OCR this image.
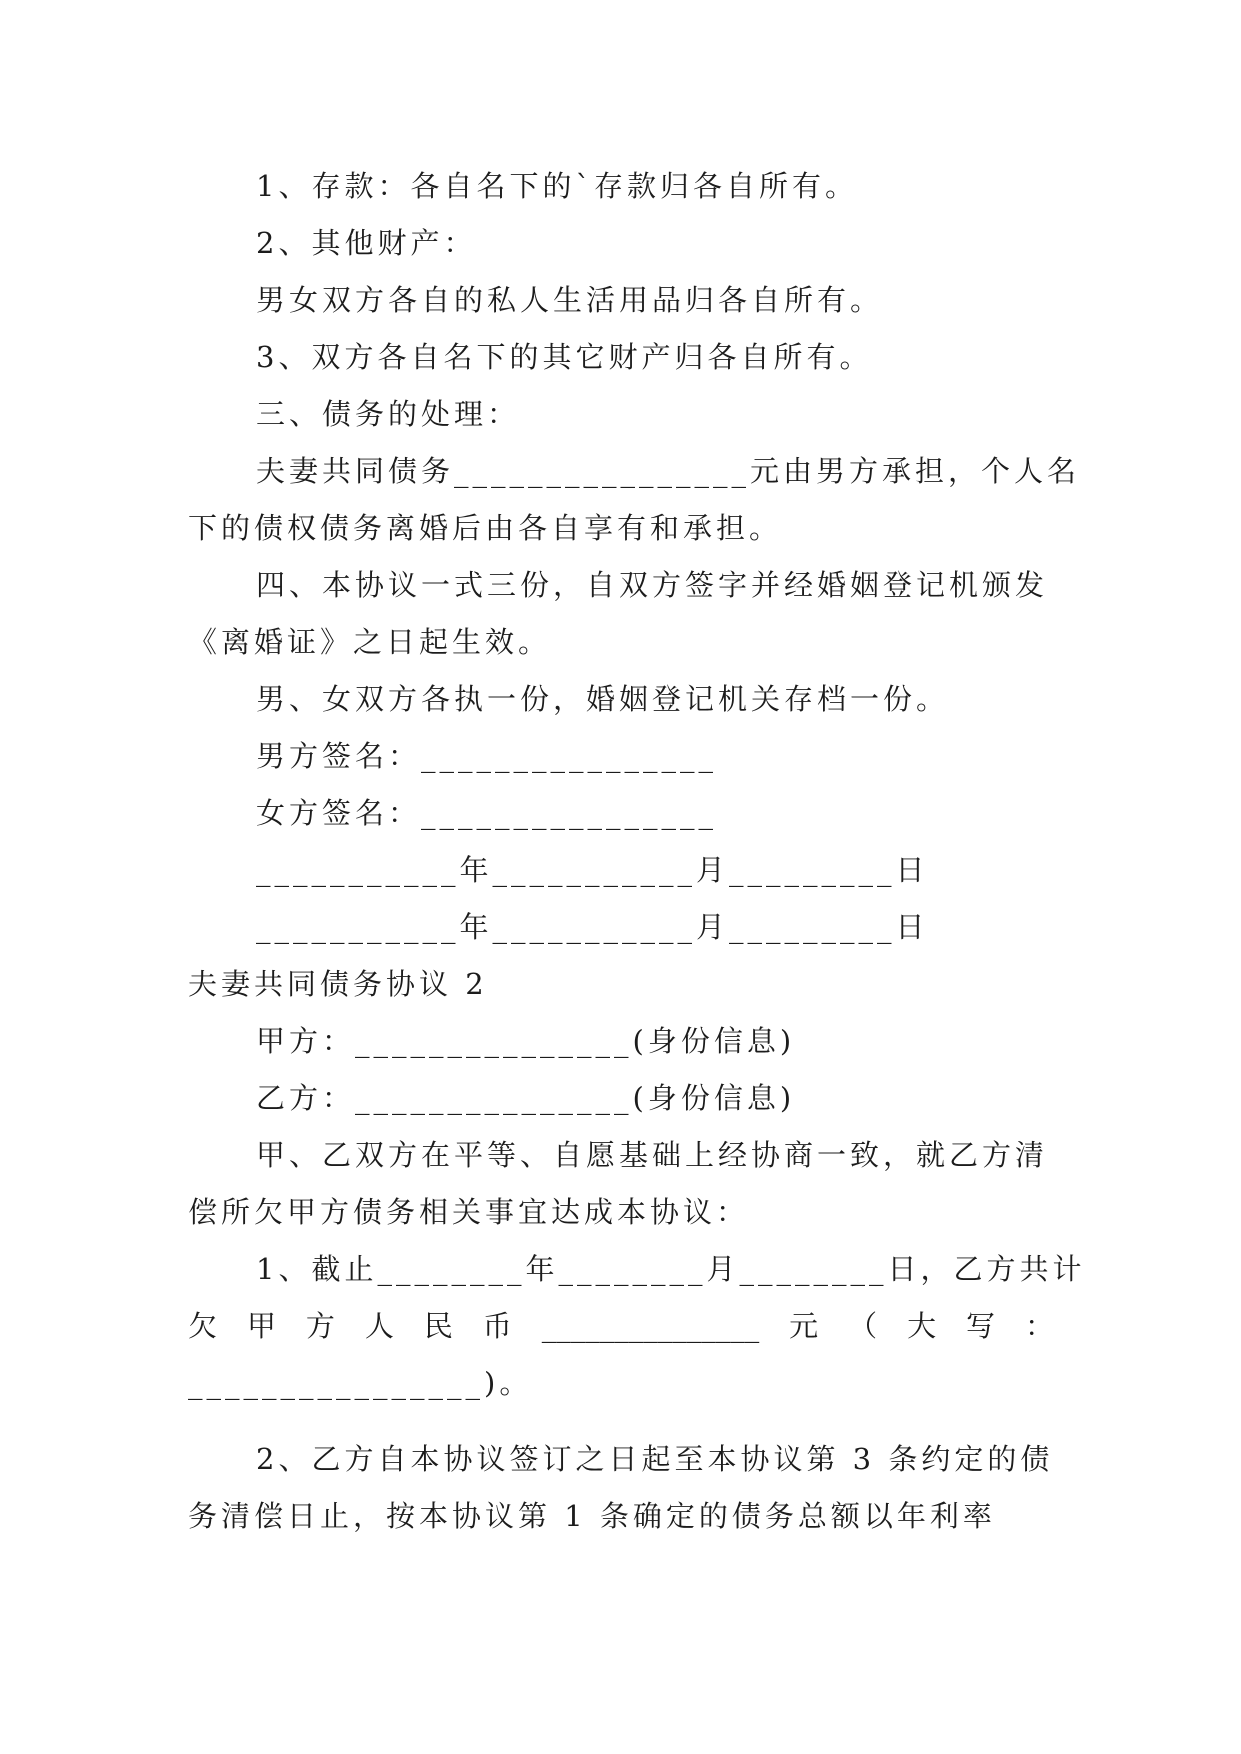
1、存款：各自名下的`存款归各自所有。
2、其他财产：
男女双方各自的私人生活用品归各自所有。
3、双方各自名下的其它财产归各自所有。
三、债务的处理：
夫妻共同债务________________元由男方承担，个人名
下的债权债务离婚后由各自享有和承担。
四、本协议一式三份，自双方签字并经婚姻登记机颁发
《离婚证》之日起生效。
男、女双方各执一份，婚姻登记机关存档一份。
男方签名：________________
女方签名：________________
___________年___________月_________日
___________年___________月_________日
夫妻共同债务协议 2
甲方：_______________(身份信息)
乙方：_______________(身份信息)
甲、乙双方在平等、自愿基础上经协商一致，就乙方清
偿所欠甲方债务相关事宜达成本协议：
1、截止________年________月________日，乙方共计
欠 甲 方 人 民 币 _______________ 元 （ 大 写 ：
________________)。
2、乙方自本协议签订之日起至本协议第 3 条约定的债
务清偿日止，按本协议第 1 条确定的债务总额以年利率
